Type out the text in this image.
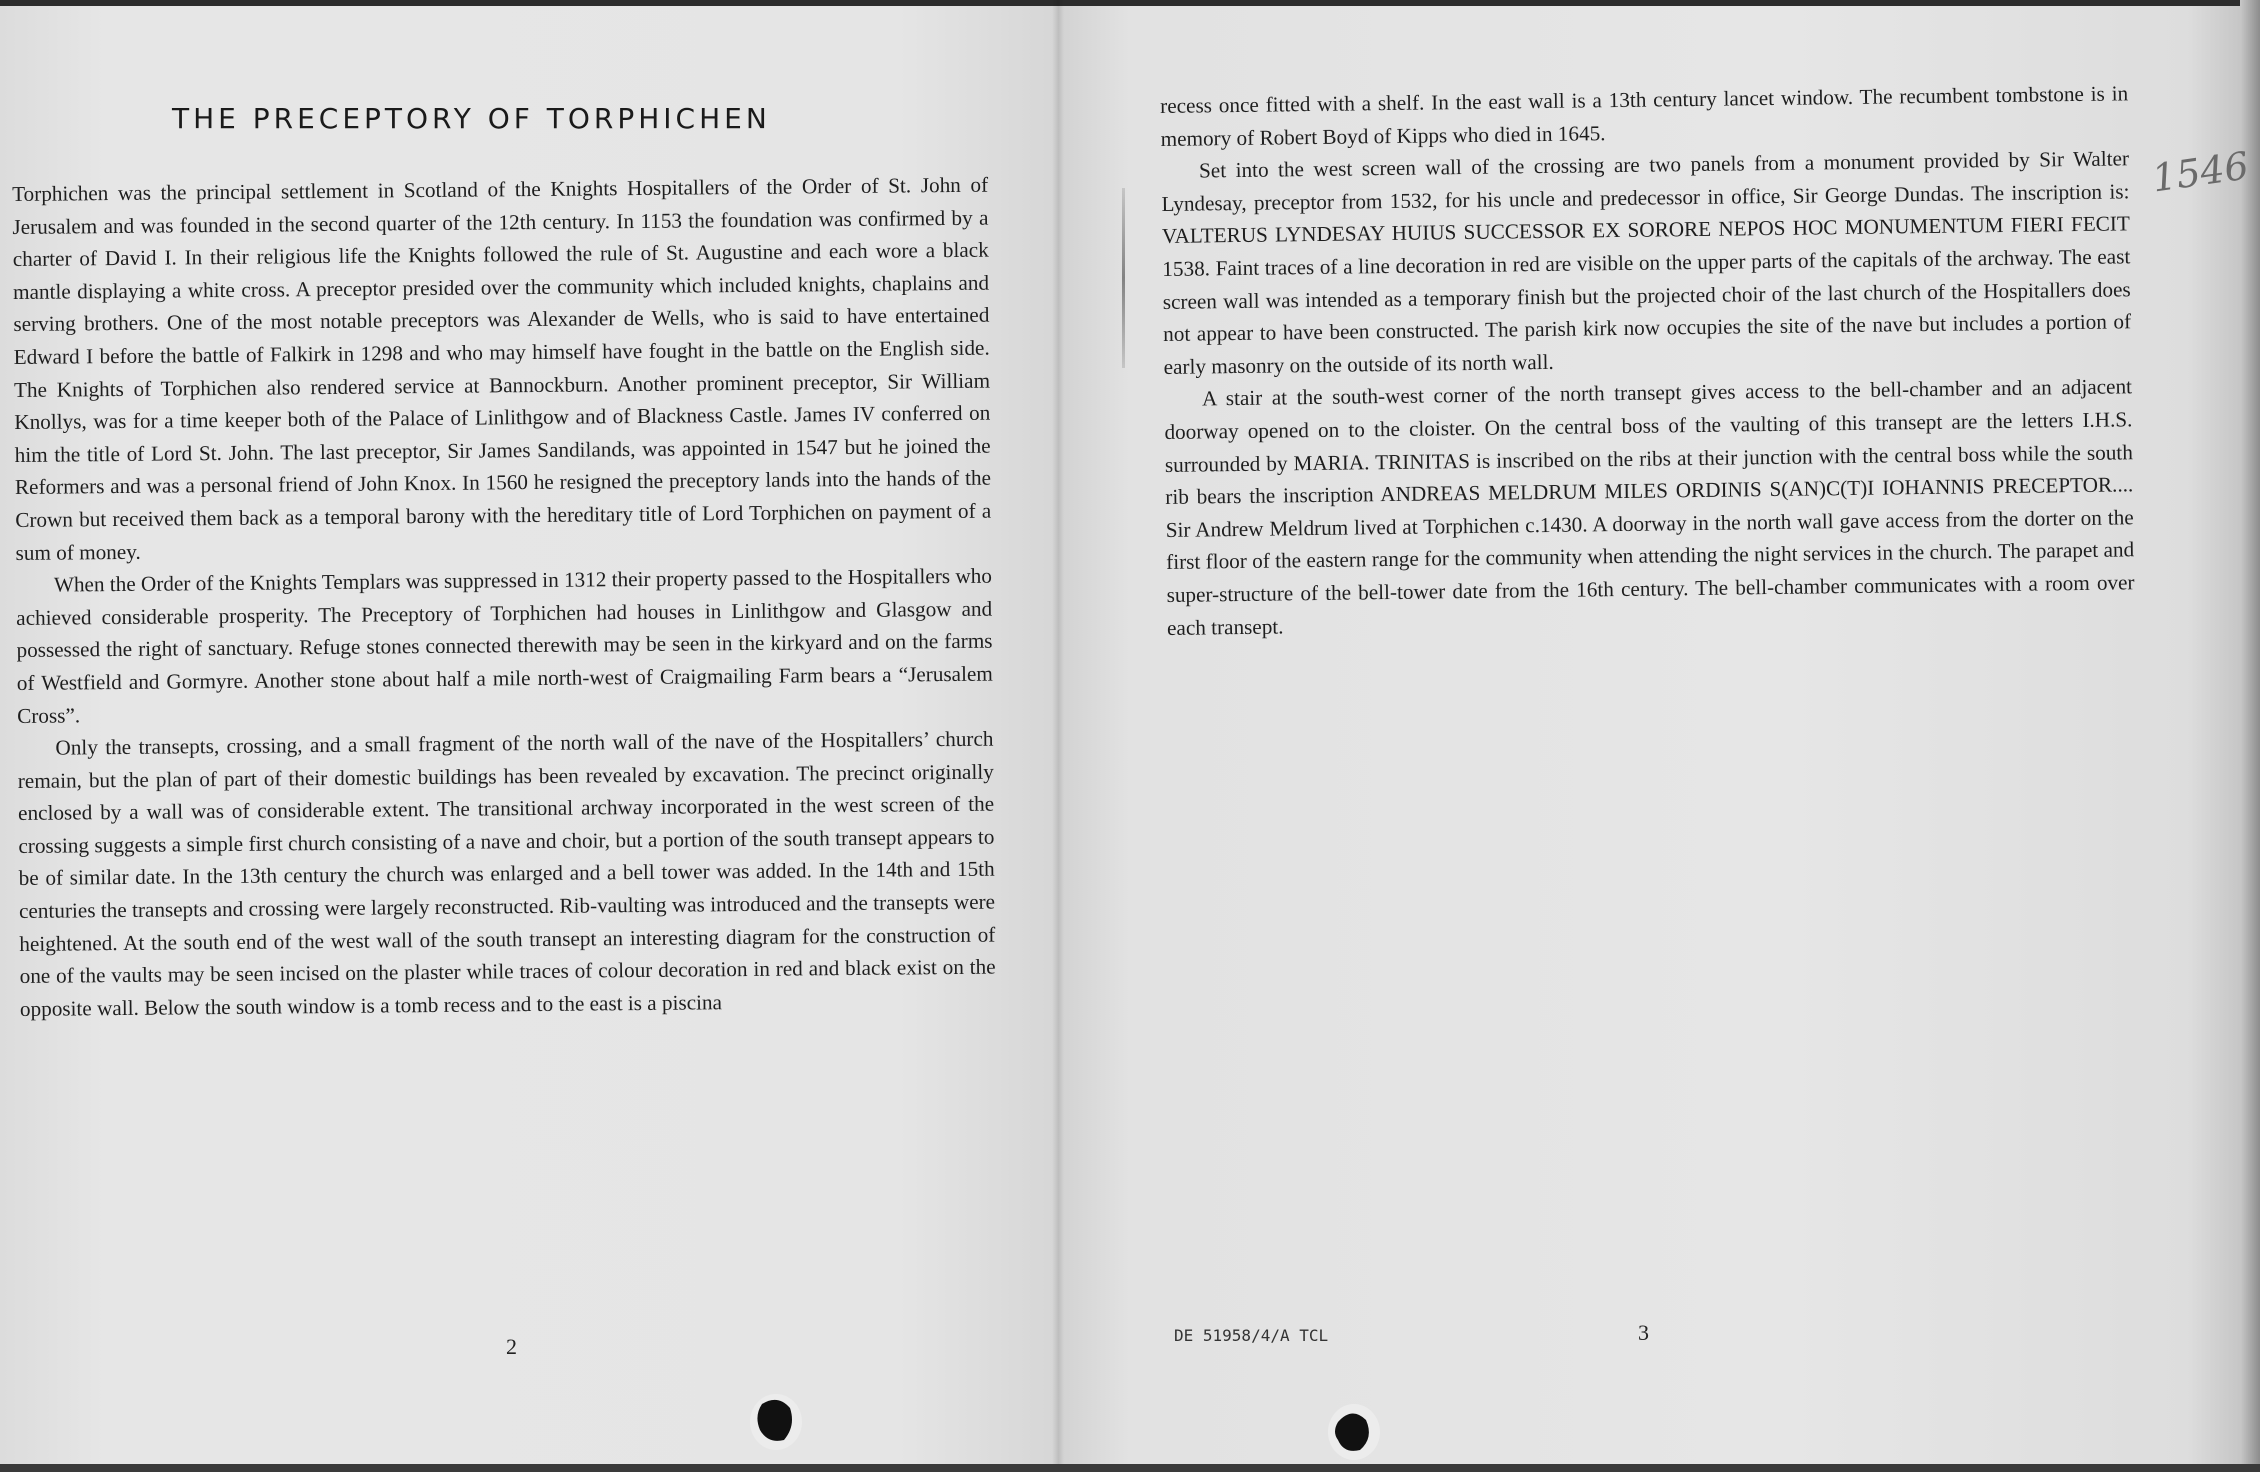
THE PRECEPTORY OF TORPHICHEN

Torphichen was the principal settlement in Scotland of the Knights Hospitallers of the Order of St. John of Jerusalem and was founded in the second quarter of the 12th century. In 1153 the foundation was confirmed by a charter of David I. In their religious life the Knights followed the rule of St. Augustine and each wore a black mantle displaying a white cross. A preceptor presided over the community which included knights, chaplains and serving brothers. One of the most notable preceptors was Alexander de Wells, who is said to have entertained Edward I before the battle of Falkirk in 1298 and who may himself have fought in the battle on the English side. The Knights of Torphichen also rendered service at Bannockburn. Another prominent preceptor, Sir William Knollys, was for a time keeper both of the Palace of Linlithgow and of Blackness Castle. James IV conferred on him the title of Lord St. John. The last preceptor, Sir James Sandilands, was appointed in 1547 but he joined the Reformers and was a personal friend of John Knox. In 1560 he resigned the preceptory lands into the hands of the Crown but received them back as a temporal barony with the hereditary title of Lord Torphichen on payment of a sum of money.

When the Order of the Knights Templars was suppressed in 1312 their property passed to the Hospitallers who achieved considerable prosperity. The Preceptory of Torphichen had houses in Linlithgow and Glasgow and possessed the right of sanctuary. Refuge stones connected therewith may be seen in the kirkyard and on the farms of Westfield and Gormyre. Another stone about half a mile north-west of Craigmailing Farm bears a “Jerusalem Cross”.

Only the transepts, crossing, and a small fragment of the north wall of the nave of the Hospitallers’ church remain, but the plan of part of their domestic buildings has been revealed by excavation. The precinct originally enclosed by a wall was of considerable extent. The transitional archway incorporated in the west screen of the crossing suggests a simple first church consisting of a nave and choir, but a portion of the south transept appears to be of similar date. In the 13th century the church was enlarged and a bell tower was added. In the 14th and 15th centuries the transepts and crossing were largely reconstructed. Rib-vaulting was introduced and the transepts were heightened. At the south end of the west wall of the south transept an interesting diagram for the construction of one of the vaults may be seen incised on the plaster while traces of colour decoration in red and black exist on the opposite wall. Below the south window is a tomb recess and to the east is a piscina

2

recess once fitted with a shelf. In the east wall is a 13th century lancet window. The recumbent tombstone is in memory of Robert Boyd of Kipps who died in 1645.

Set into the west screen wall of the crossing are two panels from a monument provided by Sir Walter Lyndesay, preceptor from 1532, for his uncle and predecessor in office, Sir George Dundas. The inscription is: VALTERUS LYNDESAY HUIUS SUCCESSOR EX SORORE NEPOS HOC MONUMENTUM FIERI FECIT 1538. Faint traces of a line decoration in red are visible on the upper parts of the capitals of the archway. The east screen wall was intended as a temporary finish but the projected choir of the last church of the Hospitallers does not appear to have been constructed. The parish kirk now occupies the site of the nave but includes a portion of early masonry on the outside of its north wall.

A stair at the south-west corner of the north transept gives access to the bell-chamber and an adjacent doorway opened on to the cloister. On the central boss of the vaulting of this transept are the letters I.H.S. surrounded by MARIA. TRINITAS is inscribed on the ribs at their junction with the central boss while the south rib bears the inscription ANDREAS MELDRUM MILES ORDINIS S(AN)C(T)I IOHANNIS PRECEPTOR.... Sir Andrew Meldrum lived at Torphichen c.1430. A doorway in the north wall gave access from the dorter on the first floor of the eastern range for the community when attending the night services in the church. The parapet and super-structure of the bell-tower date from the 16th century. The bell-chamber communicates with a room over each transept.

1546
DE 51958/4/A TCL	3
